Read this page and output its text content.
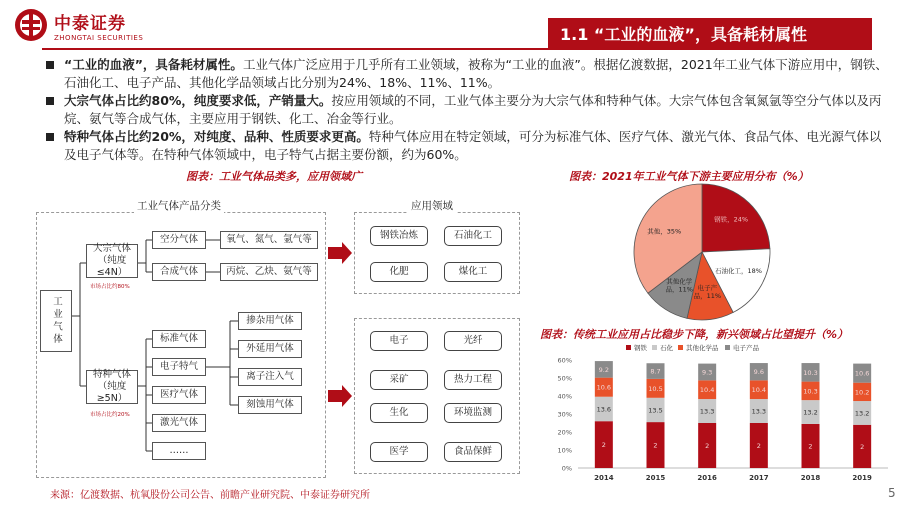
中泰证券
ZHONGTAI SECURITIES	1.1 “工业的血液”，具备耗材属性
“工业的血液”，具备耗材属性。工业气体广泛应用于几乎所有工业领域，被称为“工业的血液”。根据亿渡数据，2021年工业气体下游应用中，钢铁、石油化工、电子产品、其他化学品领域占比分别为24%、18%、11%、11%。
大宗气体占比约80%，纯度要求低，产销量大。按应用领域的不同，工业气体主要分为大宗气体和特种气体。大宗气体包含氧氮氩等空分气体以及丙烷、氨气等合成气体，主要应用于钢铁、化工、冶金等行业。
特种气体占比约20%，对纯度、品种、性质要求更高。特种气体应用在特定领域，可分为标准气体、医疗气体、激光气体、食品气体、电光源气体以及电子气体等。在特种气体领域中，电子特气占据主要份额，约为60%。
图表：工业气体品类多，应用领域广	图表：2021年工业气体下游主要应用分布（%）
图表：传统工业应用占比稳步下降，新兴领域占比望提升（%）
工业气体产品分类	应用领域
工业气体
大宗气体
（纯度≤4N）
市场占比约80%
特种气体
（纯度≥5N）
市场占比约20%
空分气体	氧气、氮气、氩气等
合成气体	丙烷、乙炔、氨气等
标准气体
电子特气
医疗气体
激光气体
……
掺杂用气体
外延用气体
离子注入气
刻蚀用气体
钢铁冶炼	石油化工
化肥	煤化工
电子	光纤
采矿	热力工程
生化	环境监测
医学	食品保鲜
钢铁，24%
石油化工，18%
电子产品，11%
其他化学品，11%
其他，35%
钢铁 石化 其他化学品 电子产品
0%
10%
20%
30%
40%
50%
60%
2
13.6
10.6
9.2
2014
2
13.5
10.5
8.7
2015
2
13.3
10.4
9.3
2016
2
13.3
10.4
9.6
2017
2
13.2
10.3
10.3
2018
2
13.2
10.2
10.6
2019
来源：亿渡数据、杭氧股份公司公告、前瞻产业研究院、中泰证券研究所	5
